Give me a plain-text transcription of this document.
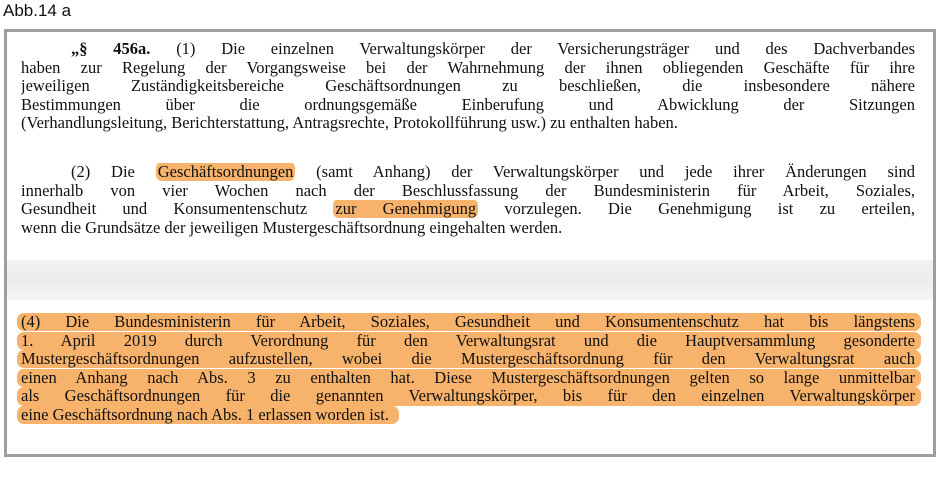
Abb.14 a
„§ 456a. (1) Die einzelnen Verwaltungskörper der Versicherungsträger und des Dachverbandes
haben zur Regelung der Vorgangsweise bei der Wahrnehmung der ihnen obliegenden Geschäfte für ihre
jeweiligen Zuständigkeitsbereiche Geschäftsordnungen zu beschließen, die insbesondere nähere
Bestimmungen über die ordnungsgemäße Einberufung und Abwicklung der Sitzungen
(Verhandlungsleitung, Berichterstattung, Antragsrechte, Protokollführung usw.) zu enthalten haben.
(2) Die Geschäftsordnungen (samt Anhang) der Verwaltungskörper und jede ihrer Änderungen sind
innerhalb von vier Wochen nach der Beschlussfassung der Bundesministerin für Arbeit, Soziales,
Gesundheit und Konsumentenschutz zur Genehmigung vorzulegen. Die Genehmigung ist zu erteilen,
wenn die Grundsätze der jeweiligen Mustergeschäftsordnung eingehalten werden.
(4) Die Bundesministerin für Arbeit, Soziales, Gesundheit und Konsumentenschutz hat bis längstens
1. April 2019 durch Verordnung für den Verwaltungsrat und die Hauptversammlung gesonderte
Mustergeschäftsordnungen aufzustellen, wobei die Mustergeschäftsordnung für den Verwaltungsrat auch
einen Anhang nach Abs. 3 zu enthalten hat. Diese Mustergeschäftsordnungen gelten so lange unmittelbar
als Geschäftsordnungen für die genannten Verwaltungskörper, bis für den einzelnen Verwaltungskörper
eine Geschäftsordnung nach Abs. 1 erlassen worden ist.
